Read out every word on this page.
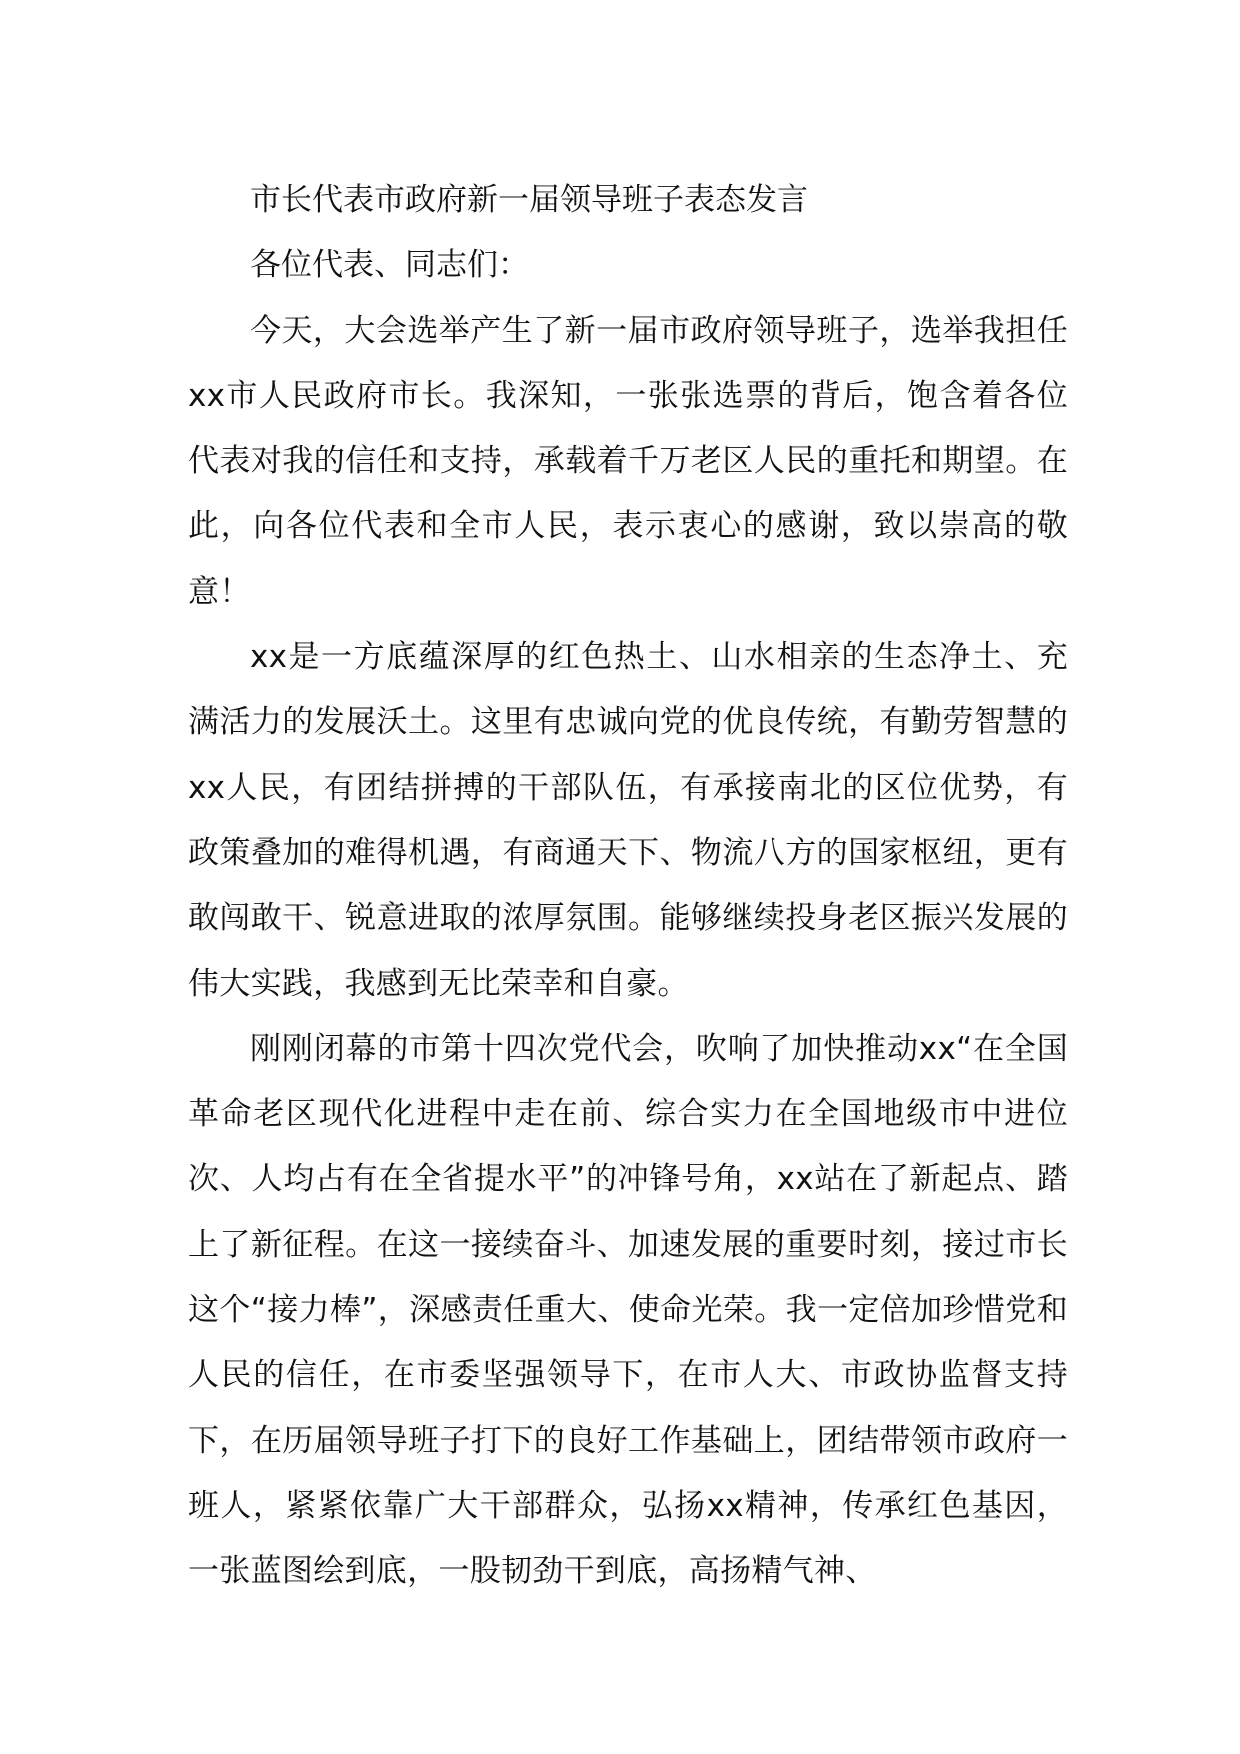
市长代表市政府新一届领导班子表态发言

各位代表、同志们：

今天，大会选举产生了新一届市政府领导班子，选举我担任xx市人民政府市长。我深知，一张张选票的背后，饱含着各位代表对我的信任和支持，承载着千万老区人民的重托和期望。在此，向各位代表和全市人民，表示衷心的感谢，致以崇高的敬意！

xx是一方底蕴深厚的红色热土、山水相亲的生态净土、充满活力的发展沃土。这里有忠诚向党的优良传统，有勤劳智慧的xx人民，有团结拼搏的干部队伍，有承接南北的区位优势，有政策叠加的难得机遇，有商通天下、物流八方的国家枢纽，更有敢闯敢干、锐意进取的浓厚氛围。能够继续投身老区振兴发展的伟大实践，我感到无比荣幸和自豪。

刚刚闭幕的市第十四次党代会，吹响了加快推动xx“在全国革命老区现代化进程中走在前、综合实力在全国地级市中进位次、人均占有在全省提水平”的冲锋号角，xx站在了新起点、踏上了新征程。在这一接续奋斗、加速发展的重要时刻，接过市长这个“接力棒”，深感责任重大、使命光荣。我一定倍加珍惜党和人民的信任，在市委坚强领导下，在市人大、市政协监督支持下，在历届领导班子打下的良好工作基础上，团结带领市政府一班人，紧紧依靠广大干部群众，弘扬xx精神，传承红色基因，一张蓝图绘到底，一股韧劲干到底，高扬精气神、
